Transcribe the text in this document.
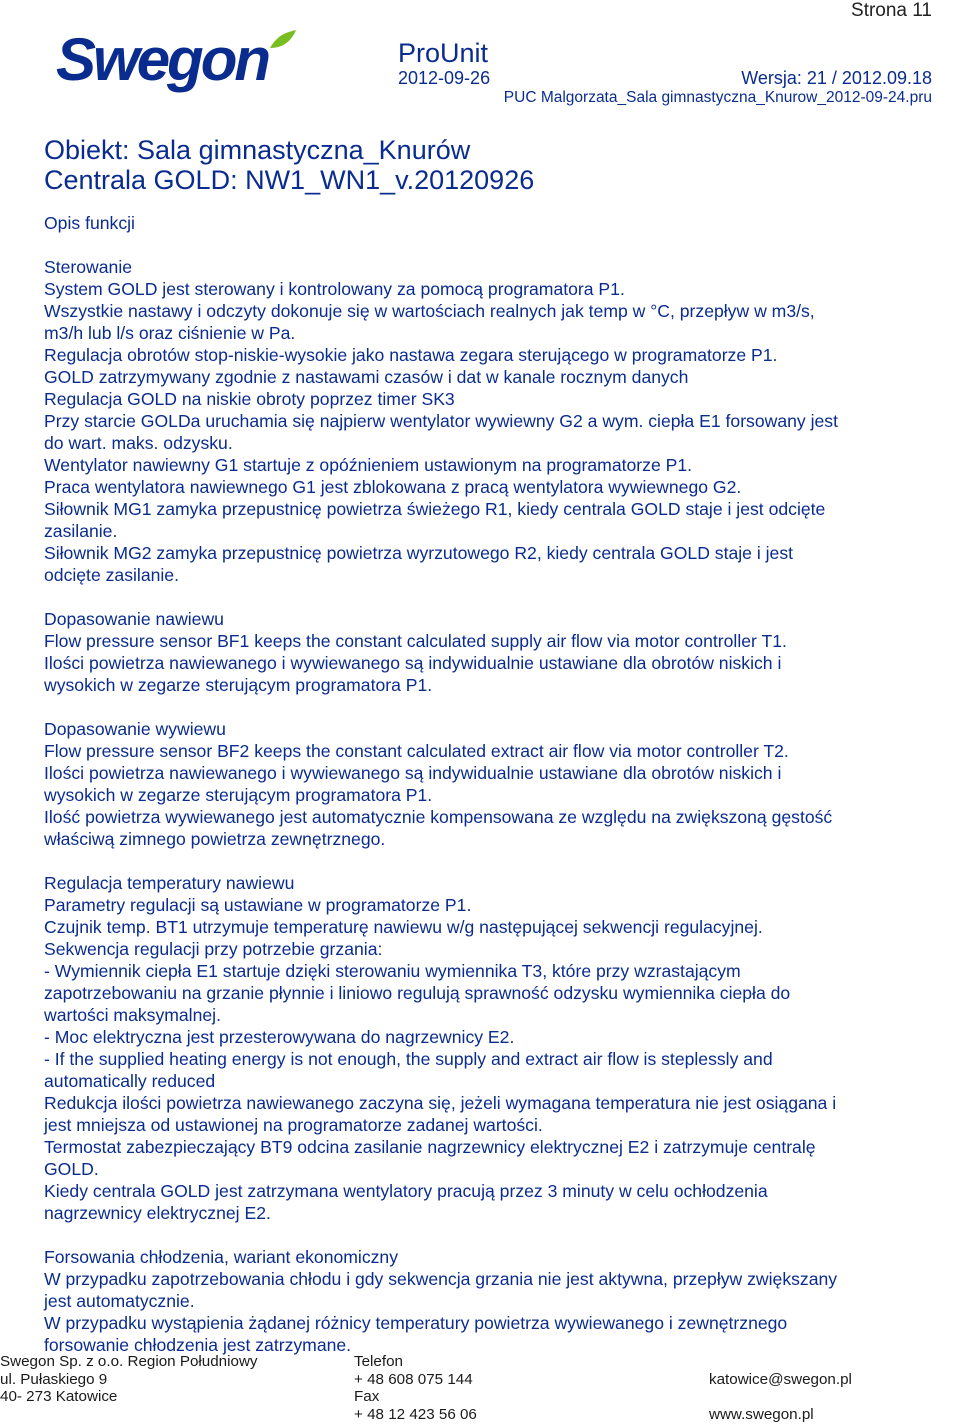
Strona 11
Swegon	ProUnit
2012-09-26	Wersja: 21 / 2012.09.18
PUC Malgorzata_Sala gimnastyczna_Knurow_2012-09-24.pru
Obiekt: Sala gimnastyczna_Knurów
Centrala GOLD: NW1_WN1_v.20120926
Opis funkcji
Sterowanie
System GOLD jest sterowany i kontrolowany za pomocą programatora P1.
Wszystkie nastawy i odczyty dokonuje się w wartościach realnych jak temp w °C, przepływ w m3/s,
m3/h lub l/s oraz ciśnienie w Pa.
Regulacja obrotów stop-niskie-wysokie jako nastawa zegara sterującego w programatorze P1.
GOLD zatrzymywany zgodnie z nastawami czasów i dat w kanale rocznym danych
Regulacja GOLD na niskie obroty poprzez timer SK3
Przy starcie GOLDa uruchamia się najpierw wentylator wywiewny G2 a wym. ciepła E1 forsowany jest
do wart. maks. odzysku.
Wentylator nawiewny G1 startuje z opóźnieniem ustawionym na programatorze P1.
Praca wentylatora nawiewnego G1 jest zblokowana z pracą wentylatora wywiewnego G2.
Siłownik MG1 zamyka przepustnicę powietrza świeżego R1, kiedy centrala GOLD staje i jest odcięte
zasilanie.
Siłownik MG2 zamyka przepustnicę powietrza wyrzutowego R2, kiedy centrala GOLD staje i jest
odcięte zasilanie.
Dopasowanie nawiewu
Flow pressure sensor BF1 keeps the constant calculated supply air flow via motor controller T1.
Ilości powietrza nawiewanego i wywiewanego są indywidualnie ustawiane dla obrotów niskich i
wysokich w zegarze sterującym programatora P1.
Dopasowanie wywiewu
Flow pressure sensor BF2 keeps the constant calculated extract air flow via motor controller T2.
Ilości powietrza nawiewanego i wywiewanego są indywidualnie ustawiane dla obrotów niskich i
wysokich w zegarze sterującym programatora P1.
Ilość powietrza wywiewanego jest automatycznie kompensowana ze względu na zwiększoną gęstość
właściwą zimnego powietrza zewnętrznego.
Regulacja temperatury nawiewu
Parametry regulacji są ustawiane w programatorze P1.
Czujnik temp. BT1 utrzymuje temperaturę nawiewu w/g następującej sekwencji regulacyjnej.
Sekwencja regulacji przy potrzebie grzania:
- Wymiennik ciepła E1 startuje dzięki sterowaniu wymiennika T3, które przy wzrastającym
zapotrzebowaniu na grzanie płynnie i liniowo regulują sprawność odzysku wymiennika ciepła do
wartości maksymalnej.
- Moc elektryczna jest przesterowywana do nagrzewnicy E2.
- If the supplied heating energy is not enough, the supply and extract air flow is steplessly and
automatically reduced
Redukcja ilości powietrza nawiewanego zaczyna się, jeżeli wymagana temperatura nie jest osiągana i
jest mniejsza od ustawionej na programatorze zadanej wartości.
Termostat zabezpieczający BT9 odcina zasilanie nagrzewnicy elektrycznej E2 i zatrzymuje centralę
GOLD.
Kiedy centrala GOLD jest zatrzymana wentylatory pracują przez 3 minuty w celu ochłodzenia
nagrzewnicy elektrycznej E2.
Forsowania chłodzenia, wariant ekonomiczny
W przypadku zapotrzebowania chłodu i gdy sekwencja grzania nie jest aktywna, przepływ zwiększany
jest automatycznie.
W przypadku wystąpienia żądanej różnicy temperatury powietrza wywiewanego i zewnętrznego
forsowanie chłodzenia jest zatrzymane.
Swegon Sp. z o.o. Region Południowy
ul. Pułaskiego 9
40- 273 Katowice
Telefon
+ 48 608 075 144
Fax
+ 48 12 423 56 06
katowice@swegon.pl
www.swegon.pl
